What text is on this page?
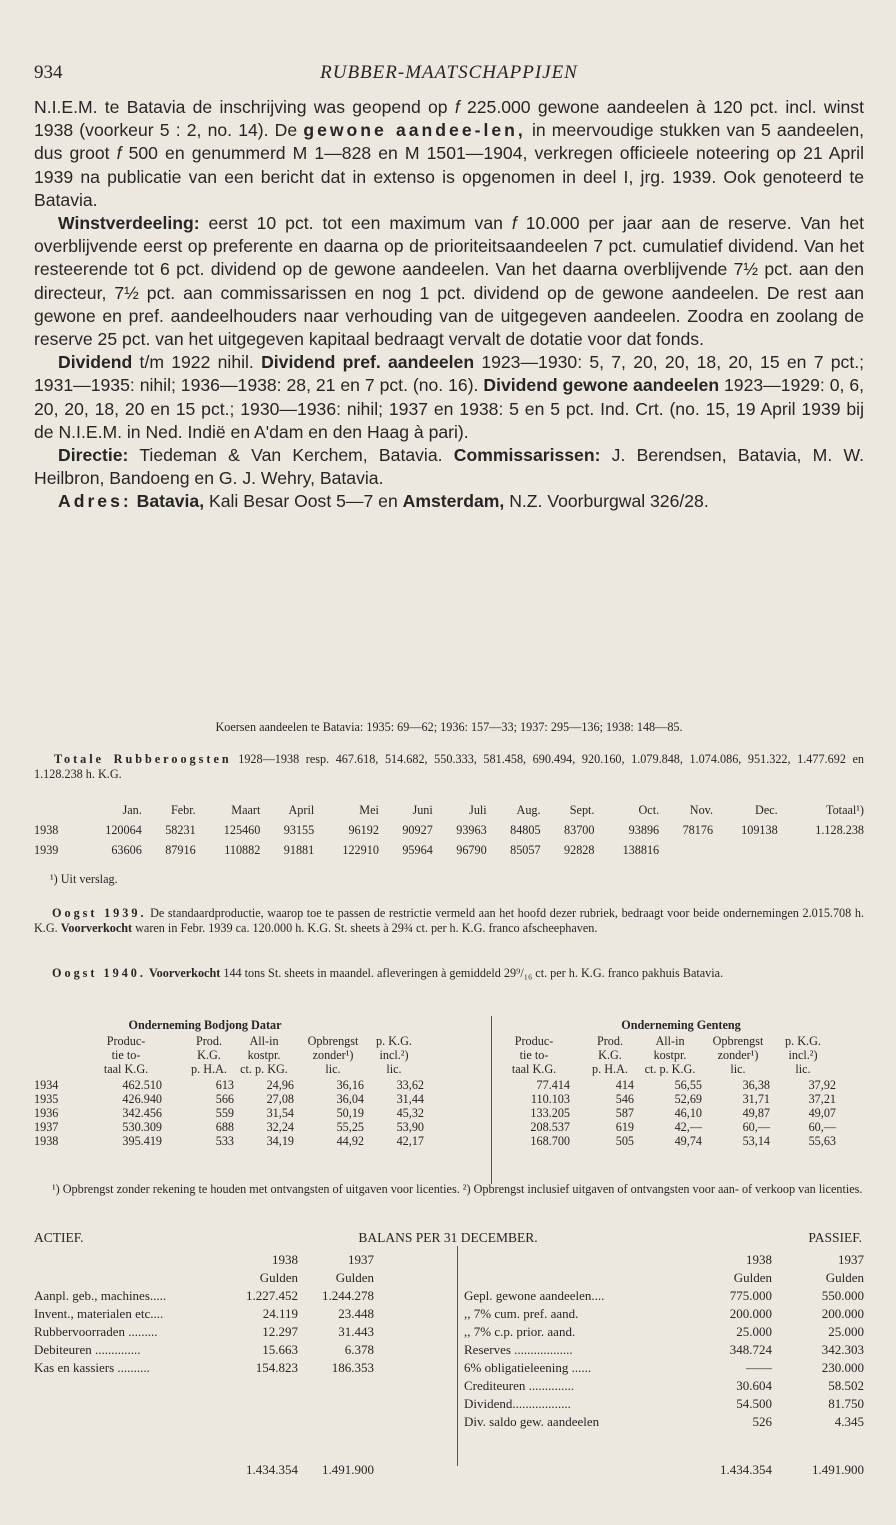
934	RUBBER-MAATSCHAPPIJEN

N.I.E.M. te Batavia de inschrijving was geopend op f 225.000 gewone aandeelen à 120 pct. incl. winst 1938 (voorkeur 5 : 2, no. 14). De gewone aandee-len, in meervoudige stukken van 5 aandeelen, dus groot f 500 en genummerd M 1—828 en M 1501—1904, verkregen officieele noteering op 21 April 1939 na publicatie van een bericht dat in extenso is opgenomen in deel I, jrg. 1939. Ook genoteerd te Batavia.

Winstverdeeling: eerst 10 pct. tot een maximum van f 10.000 per jaar aan de reserve. Van het overblijvende eerst op preferente en daarna op de prioriteitsaandeelen 7 pct. cumulatief dividend. Van het resteerende tot 6 pct. dividend op de gewone aandeelen. Van het daarna overblijvende 7½ pct. aan den directeur, 7½ pct. aan commissarissen en nog 1 pct. dividend op de gewone aandeelen. De rest aan gewone en pref. aandeelhouders naar verhouding van de uitgegeven aandeelen. Zoodra en zoolang de reserve 25 pct. van het uitgegeven kapitaal bedraagt vervalt de dotatie voor dat fonds.

Dividend t/m 1922 nihil. Dividend pref. aandeelen 1923—1930: 5, 7, 20, 20, 18, 20, 15 en 7 pct.; 1931—1935: nihil; 1936—1938: 28, 21 en 7 pct. (no. 16). Dividend gewone aandeelen 1923—1929: 0, 6, 20, 20, 18, 20 en 15 pct.; 1930—1936: nihil; 1937 en 1938: 5 en 5 pct. Ind. Crt. (no. 15, 19 April 1939 bij de N.I.E.M. in Ned. Indië en A'dam en den Haag à pari).

Directie: Tiedeman & Van Kerchem, Batavia. Commissarissen: J. Berendsen, Batavia, M. W. Heilbron, Bandoeng en G. J. Wehry, Batavia.

Adres: Batavia, Kali Besar Oost 5—7 en Amsterdam, N.Z. Voorburgwal 326/28.

Koersen aandeelen te Batavia: 1935: 69—62; 1936: 157—33; 1937: 295—136; 1938: 148—85.
Totale Rubberoogsten 1928—1938 resp. 467.618, 514.682, 550.333, 581.458, 690.494, 920.160, 1.079.848, 1.074.086, 951.322, 1.477.692 en 1.128.238 h. K.G.
	Jan.	Febr.	Maart	April	Mei	Juni	Juli	Aug.	Sept.	Oct.	Nov.	Dec.	Totaal¹)
1938	120064	58231	125460	93155	96192	90927	93963	84805	83700	93896	78176	109138	1.128.238
1939	63606	87916	110882	91881	122910	95964	96790	85057	92828	138816			
¹) Uit verslag.
Oogst 1939. De standaardproductie, waarop toe te passen de restrictie vermeld aan het hoofd dezer rubriek, bedraagt voor beide ondernemingen 2.015.708 h. K.G. Voorverkocht waren in Febr. 1939 ca. 120.000 h. K.G. St. sheets à 29¾ ct. per h. K.G. franco afscheephaven.
Oogst 1940. Voorverkocht 144 tons St. sheets in maandel. afleveringen à gemiddeld 29⁹/₁₆ ct. per h. K.G. franco pakhuis Batavia.
Onderneming Bodjong Datar	Onderneming Genteng
Produc-	Prod.	All-in	Opbrengst	p. K.G.
tie to-	K.G.	kostpr.	zonder¹)	incl.²)
taal K.G.	p. H.A.	ct. p. KG.	lic.	lic.
1934	462.510	613	24,96	36,16	33,62
1935	426.940	566	27,08	36,04	31,44
1936	342.456	559	31,54	50,19	45,32
1937	530.309	688	32,24	55,25	53,90
1938	395.419	533	34,19	44,92	42,17
Produc-	Prod.	All-in	Opbrengst	p. K.G.
tie to-	K.G.	kostpr.	zonder¹)	incl.²)
taal K.G.	p. H.A.	ct. p. K.G.	lic.	lic.
77.414	414	56,55	36,38	37,92
110.103	546	52,69	31,71	37,21
133.205	587	46,10	49,87	49,07
208.537	619	42,—	60,—	60,—
168.700	505	49,74	53,14	55,63
¹) Opbrengst zonder rekening te houden met ontvangsten of uitgaven voor licenties. ²) Opbrengst inclusief uitgaven of ontvangsten voor aan- of verkoop van licenties.
ACTIEF.	BALANS PER 31 DECEMBER.	PASSIEF.
1938	1937
Gulden	Gulden
Aanpl. geb., machines.....	1.227.452	1.244.278
Invent., materialen etc....	24.119	23.448
Rubbervoorraden .........	12.297	31.443
Debiteuren ..............	15.663	6.378
Kas en kassiers ..........	154.823	186.353
1.434.354	1.491.900
1938	1937
Gulden	Gulden
Gepl. gewone aandeelen....	775.000	550.000
,, 7% cum. pref. aand.	200.000	200.000
,, 7% c.p. prior. aand.	25.000	25.000
Reserves ..................	348.724	342.303
6% obligatieleening ......	——	230.000
Crediteuren ..............	30.604	58.502
Dividend..................	54.500	81.750
Div. saldo gew. aandeelen	526	4.345
1.434.354	1.491.900
